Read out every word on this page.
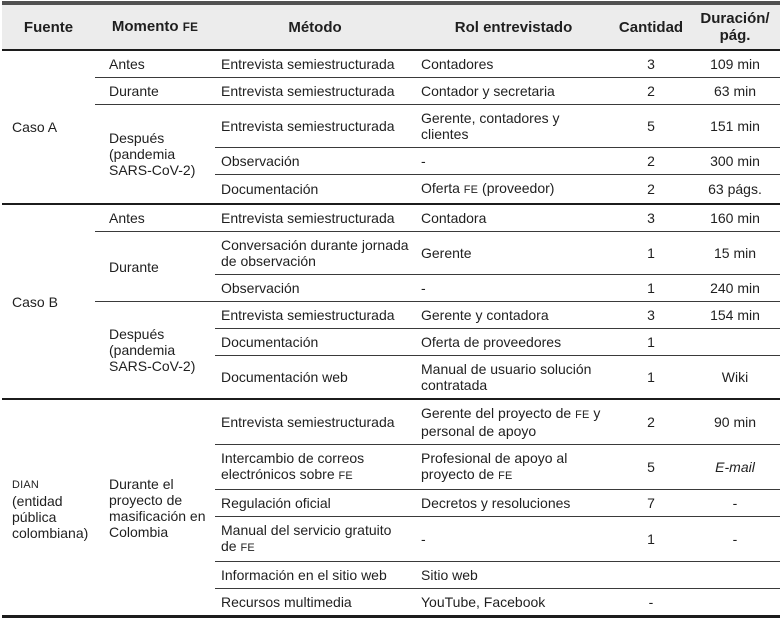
Fuente	Momento FE	Método	Rol entrevistado	Cantidad	Duración/ pág.
Caso A	Antes	Entrevista semiestructurada	Contadores	3	109 min
	Durante	Entrevista semiestructurada	Contador y secretaria	2	63 min
	Después (pandemia SARS-CoV-2)	Entrevista semiestructurada	Gerente, contadores y clientes	5	151 min
		Observación	-	2	300 min
		Documentación	Oferta FE (proveedor)	2	63 págs.
Caso B	Antes	Entrevista semiestructurada	Contadora	3	160 min
	Durante	Conversación durante jornada de observación	Gerente	1	15 min
		Observación	-	1	240 min
	Después (pandemia SARS-CoV-2)	Entrevista semiestructurada	Gerente y contadora	3	154 min
		Documentación	Oferta de proveedores	1	
		Documentación web	Manual de usuario solución contratada	1	Wiki
DIAN (entidad pública colombiana)	Durante el proyecto de masificación en Colombia	Entrevista semiestructurada	Gerente del proyecto de FE y personal de apoyo	2	90 min
		Intercambio de correos electrónicos sobre FE	Profesional de apoyo al proyecto de FE	5	E-mail
		Regulación oficial	Decretos y resoluciones	7	-
		Manual del servicio gratuito de FE	-	1	-
		Información en el sitio web	Sitio web		
		Recursos multimedia	YouTube, Facebook	-	
